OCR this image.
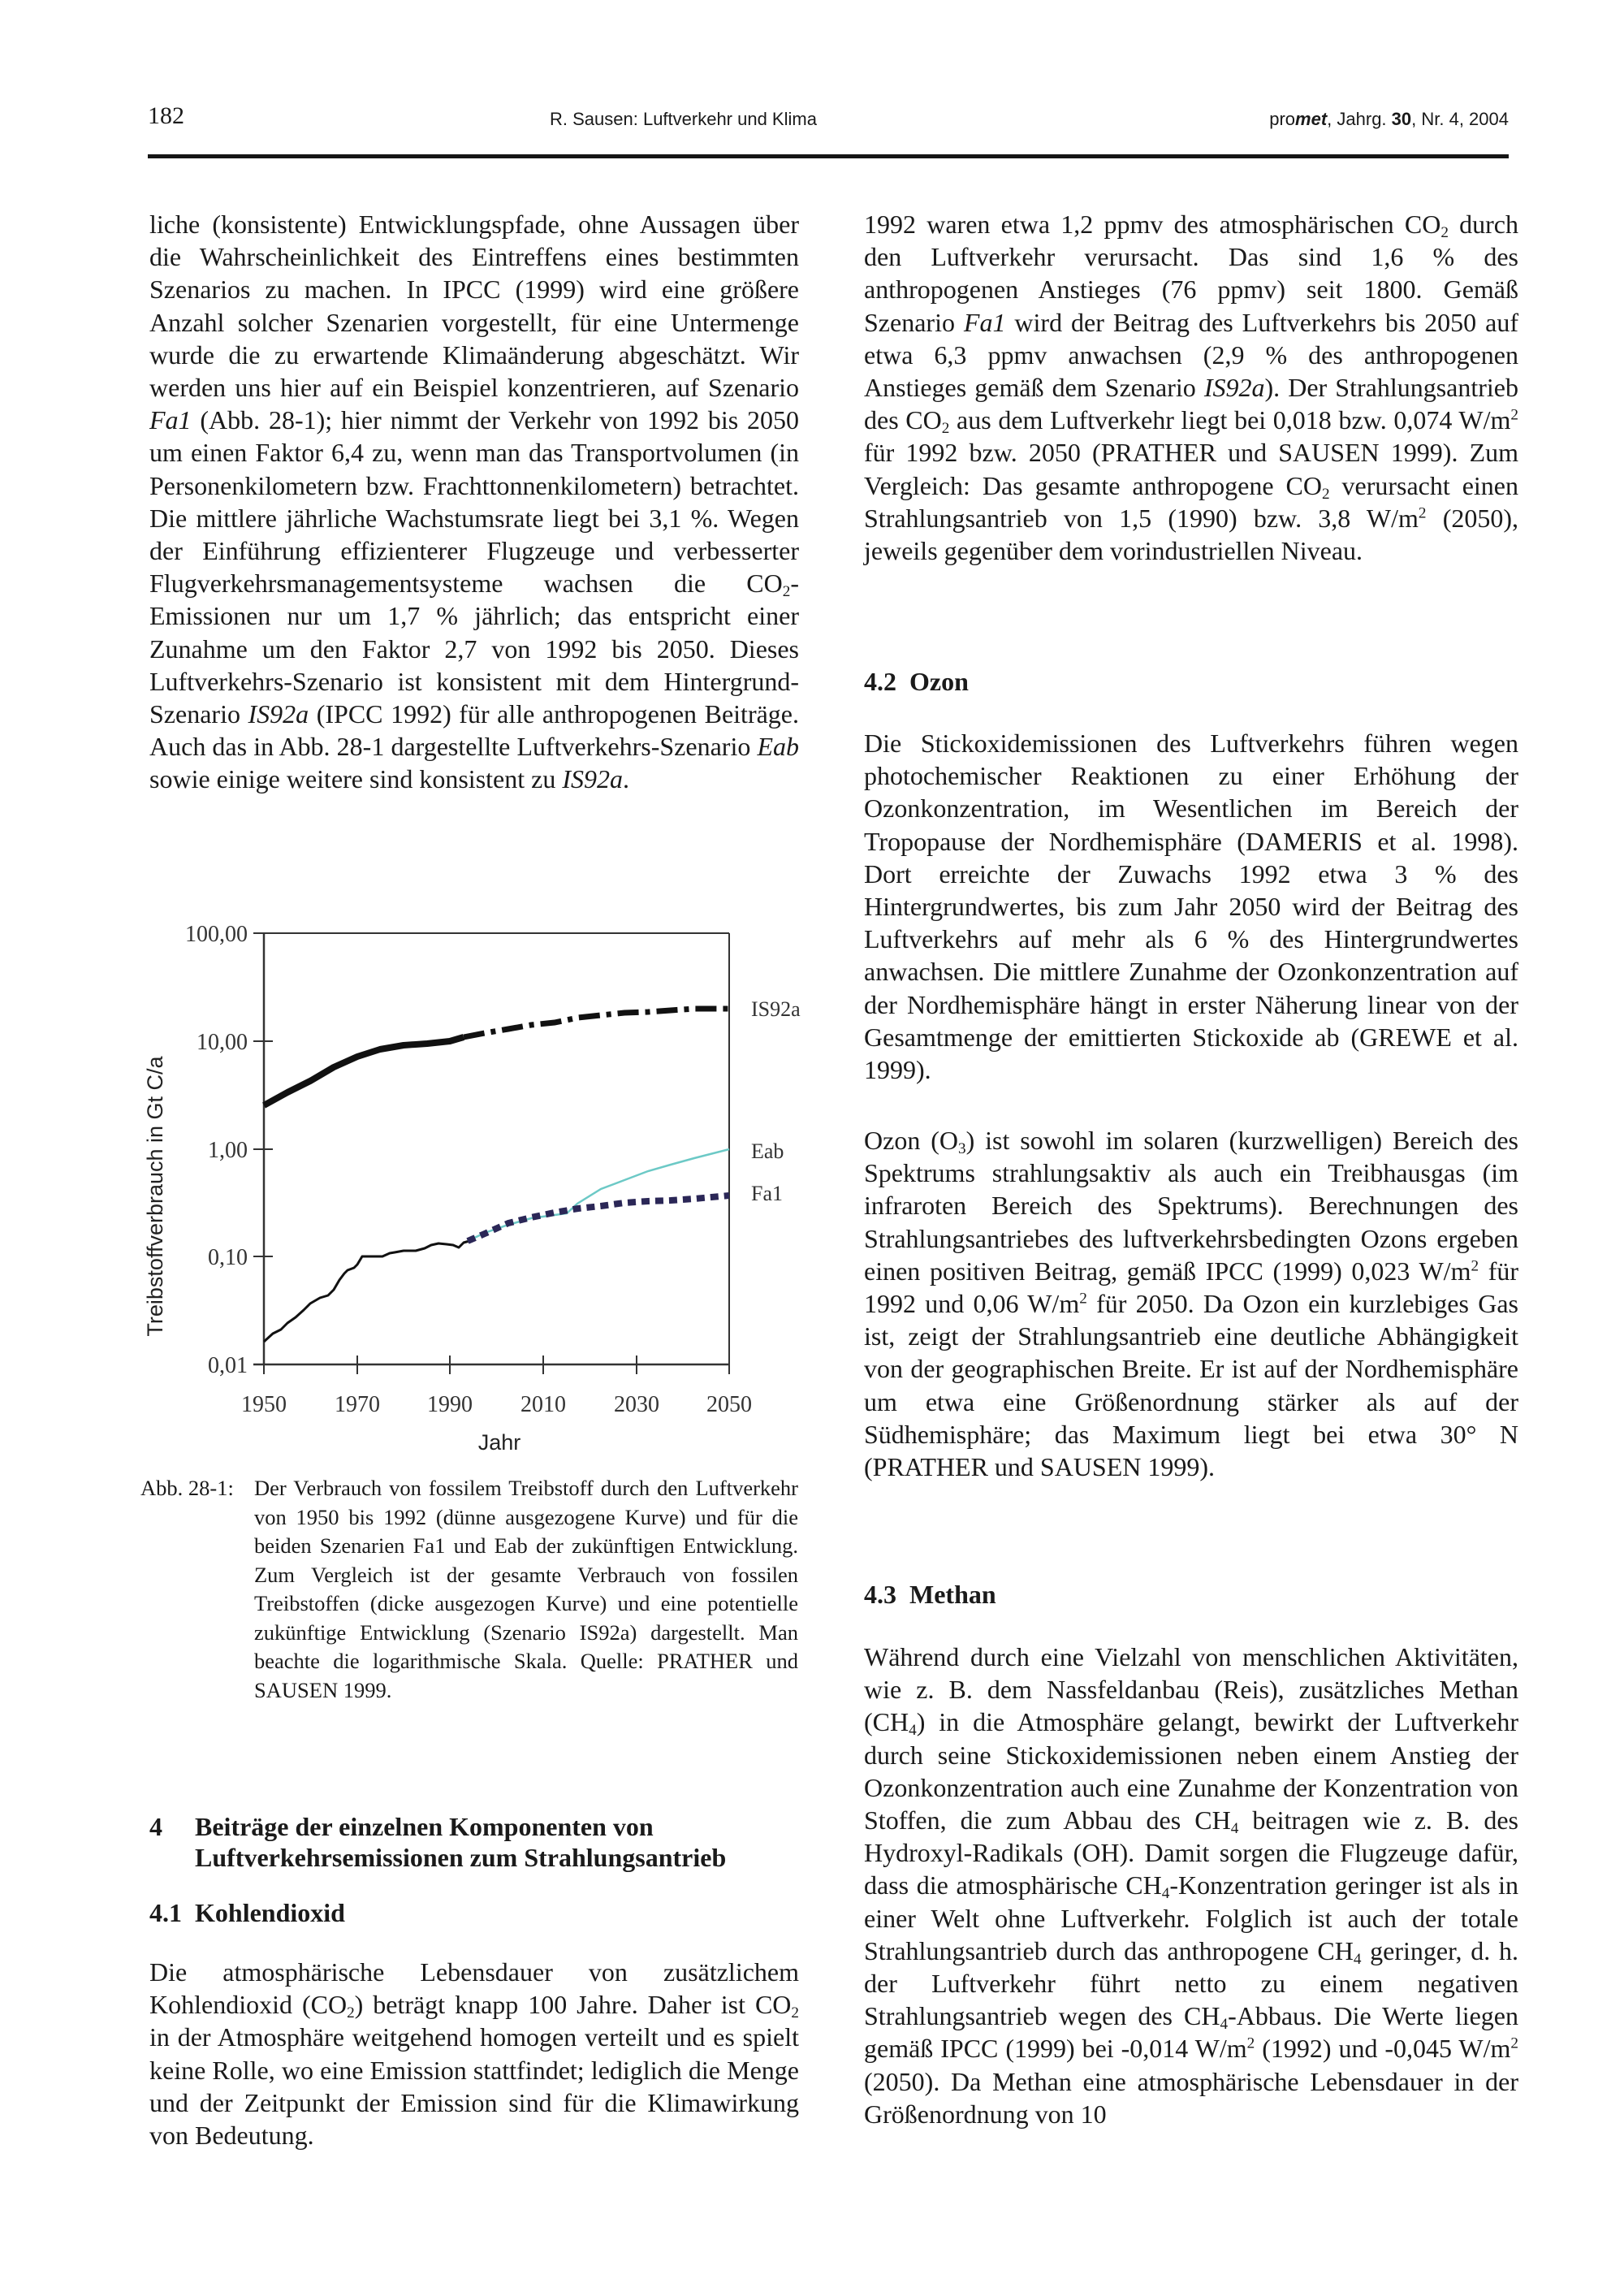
182	R. Sausen: Luftverkehr und Klima	promet, Jahrg. 30, Nr. 4, 2004

liche (konsistente) Entwicklungspfade, ohne Aussagen über die Wahrscheinlichkeit des Eintreffens eines bestimmten Szenarios zu machen. In IPCC (1999) wird eine größere Anzahl solcher Szenarien vorgestellt, für eine Untermenge wurde die zu erwartende Klimaänderung abgeschätzt. Wir werden uns hier auf ein Beispiel konzentrieren, auf Szenario Fa1 (Abb. 28-1); hier nimmt der Verkehr von 1992 bis 2050 um einen Faktor 6,4 zu, wenn man das Transportvolumen (in Personenkilometern bzw. Frachttonnenkilometern) betrachtet. Die mittlere jährliche Wachstumsrate liegt bei 3,1 %. Wegen der Einführung effizienterer Flugzeuge und verbesserter Flugverkehrsmanagementsysteme wachsen die $CO_2$-Emissionen nur um 1,7 % jährlich; das entspricht einer Zunahme um den Faktor 2,7 von 1992 bis 2050. Dieses Luftverkehrs-Szenario ist konsistent mit dem Hintergrund-Szenario IS92a (IPCC 1992) für alle anthropogenen Beiträge. Auch das in Abb. 28-1 dargestellte Luftverkehrs-Szenario Eab sowie einige weitere sind konsistent zu IS92a.

100,00
10,00
1,00
0,10
0,01
1950 1970 1990 2010 2030 2050
Jahr
Treibstoffverbrauch in Gt C/a
IS92a
Eab
Fa1
Abb. 28-1: Der Verbrauch von fossilem Treibstoff durch den Luftverkehr von 1950 bis 1992 (dünne ausgezogene Kurve) und für die beiden Szenarien Fa1 und Eab der zukünftigen Entwicklung. Zum Vergleich ist der gesamte Verbrauch von fossilen Treibstoffen (dicke ausgezogen Kurve) und eine potentielle zukünftige Entwicklung (Szenario IS92a) dargestellt. Man beachte die logarithmische Skala. Quelle: PRATHER und SAUSEN 1999.
4	Beiträge der einzelnen Komponenten von Luftverkehrsemissionen zum Strahlungsantrieb
4.1 Kohlendioxid

Die atmosphärische Lebensdauer von zusätzlichem Kohlendioxid $(CO_2)$ beträgt knapp 100 Jahre. Daher ist $CO_2$ in der Atmosphäre weitgehend homogen verteilt und es spielt keine Rolle, wo eine Emission stattfindet; lediglich die Menge und der Zeitpunkt der Emission sind für die Klimawirkung von Bedeutung.

1992 waren etwa 1,2 ppmv des atmosphärischen $CO_2$ durch den Luftverkehr verursacht. Das sind 1,6 % des anthropogenen Anstieges (76 ppmv) seit 1800. Gemäß Szenario Fa1 wird der Beitrag des Luftverkehrs bis 2050 auf etwa 6,3 ppmv anwachsen (2,9 % des anthropogenen Anstieges gemäß dem Szenario IS92a). Der Strahlungsantrieb des $CO_2$ aus dem Luftverkehr liegt bei 0,018 bzw. 0,074 $W/m^2$ für 1992 bzw. 2050 (PRATHER und SAUSEN 1999). Zum Vergleich: Das gesamte anthropogene $CO_2$ verursacht einen Strahlungsantrieb von 1,5 (1990) bzw. 3,8 $W/m^2$ (2050), jeweils gegenüber dem vorindustriellen Niveau.

4.2 Ozon

Die Stickoxidemissionen des Luftverkehrs führen wegen photochemischer Reaktionen zu einer Erhöhung der Ozonkonzentration, im Wesentlichen im Bereich der Tropopause der Nordhemisphäre (DAMERIS et al. 1998). Dort erreichte der Zuwachs 1992 etwa 3 % des Hintergrundwertes, bis zum Jahr 2050 wird der Beitrag des Luftverkehrs auf mehr als 6 % des Hintergrundwertes anwachsen. Die mittlere Zunahme der Ozonkonzentration auf der Nordhemisphäre hängt in erster Näherung linear von der Gesamtmenge der emittierten Stickoxide ab (GREWE et al. 1999).

Ozon $(O_3)$ ist sowohl im solaren (kurzwelligen) Bereich des Spektrums strahlungsaktiv als auch ein Treibhausgas (im infraroten Bereich des Spektrums). Berechnungen des Strahlungsantriebes des luftverkehrsbedingten Ozons ergeben einen positiven Beitrag, gemäß IPCC (1999) 0,023 $W/m^2$ für 1992 und 0,06 $W/m^2$ für 2050. Da Ozon ein kurzlebiges Gas ist, zeigt der Strahlungsantrieb eine deutliche Abhängigkeit von der geographischen Breite. Er ist auf der Nordhemisphäre um etwa eine Größenordnung stärker als auf der Südhemisphäre; das Maximum liegt bei etwa 30° N (PRATHER und SAUSEN 1999).

4.3 Methan

Während durch eine Vielzahl von menschlichen Aktivitäten, wie z. B. dem Nassfeldanbau (Reis), zusätzliches Methan $(CH_4)$ in die Atmosphäre gelangt, bewirkt der Luftverkehr durch seine Stickoxidemissionen neben einem Anstieg der Ozonkonzentration auch eine Zunahme der Konzentration von Stoffen, die zum Abbau des $CH_4$ beitragen wie z. B. des Hydroxyl-Radikals (OH). Damit sorgen die Flugzeuge dafür, dass die atmosphärische $CH_4$-Konzentration geringer ist als in einer Welt ohne Luftverkehr. Folglich ist auch der totale Strahlungsantrieb durch das anthropogene $CH_4$ geringer, d. h. der Luftverkehr führt netto zu einem negativen Strahlungsantrieb wegen des $CH_4$-Abbaus. Die Werte liegen gemäß IPCC (1999) bei -0,014 $W/m^2$ (1992) und -0,045 $W/m^2$ (2050). Da Methan eine atmosphärische Lebensdauer in der Größenordnung von 10
